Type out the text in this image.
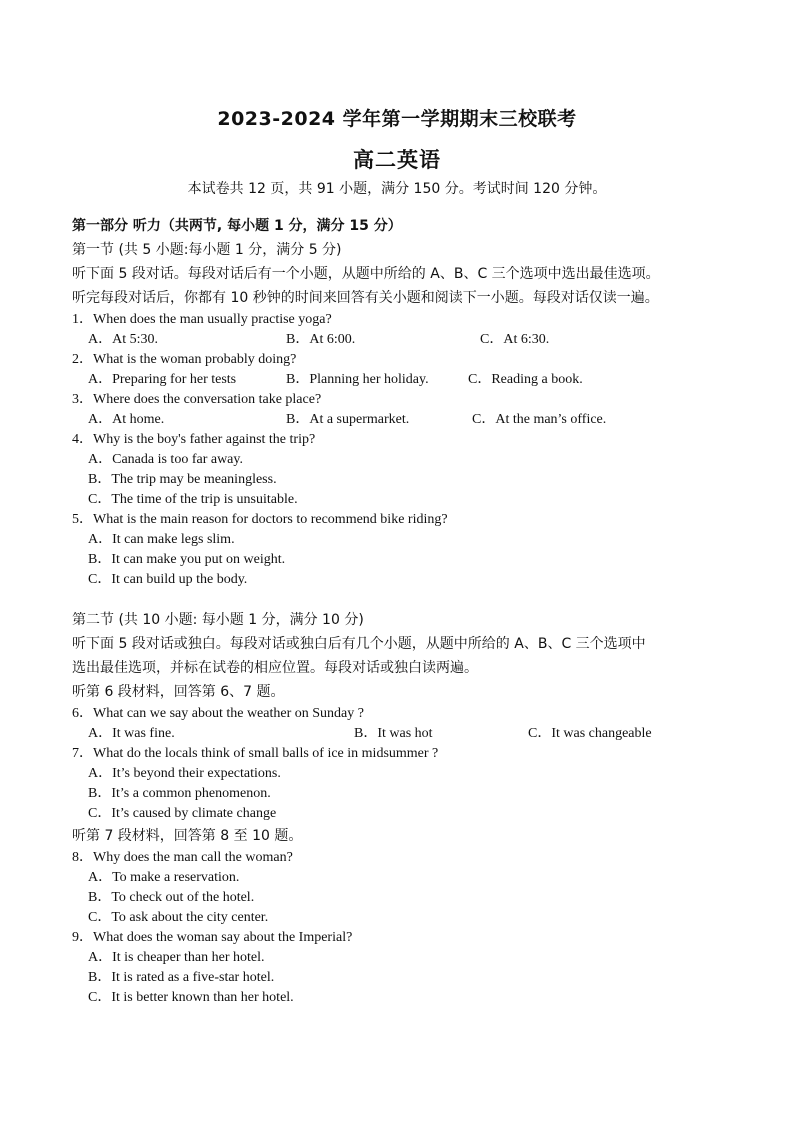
2023-2024 学年第一学期期末三校联考
高二英语
本试卷共 12 页，共 91 小题，满分 150 分。考试时间 120 分钟。
第一部分 听力（共两节, 每小题 1 分，满分 15 分）
第一节 (共 5 小题:每小题 1 分，满分 5 分)
听下面 5 段对话。每段对话后有一个小题，从题中所给的 A、B、C 三个选项中选出最佳选项。
听完每段对话后，你都有 10 秒钟的时间来回答有关小题和阅读下一小题。每段对话仅读一遍。
1．When does the man usually practise yoga?
A．At 5:30.	B．At 6:00.	C．At 6:30.
2．What is the woman probably doing?
A．Preparing for her tests	B．Planning her holiday.	C．Reading a book.
3．Where does the conversation take place?
A．At home.	B．At a supermarket.	C．At the man’s office.
4．Why is the boy's father against the trip?
A．Canada is too far away.
B．The trip may be meaningless.
C．The time of the trip is unsuitable.
5．What is the main reason for doctors to recommend bike riding?
A．It can make legs slim.
B．It can make you put on weight.
C．It can build up the body.
第二节 (共 10 小题: 每小题 1 分，满分 10 分)
听下面 5 段对话或独白。每段对话或独白后有几个小题，从题中所给的 A、B、C 三个选项中
选出最佳选项，并标在试卷的相应位置。每段对话或独白读两遍。
听第 6 段材料，回答第 6、7 题。
6．What can we say about the weather on Sunday ?
A．It was fine.	B．It was hot	C．It was changeable
7．What do the locals think of small balls of ice in midsummer ?
A．It’s beyond their expectations.
B．It’s a common phenomenon.
C．It’s caused by climate change
听第 7 段材料，回答第 8 至 10 题。
8．Why does the man call the woman?
A．To make a reservation.
B．To check out of the hotel.
C．To ask about the city center.
9．What does the woman say about the Imperial?
A．It is cheaper than her hotel.
B．It is rated as a five-star hotel.
C．It is better known than her hotel.
